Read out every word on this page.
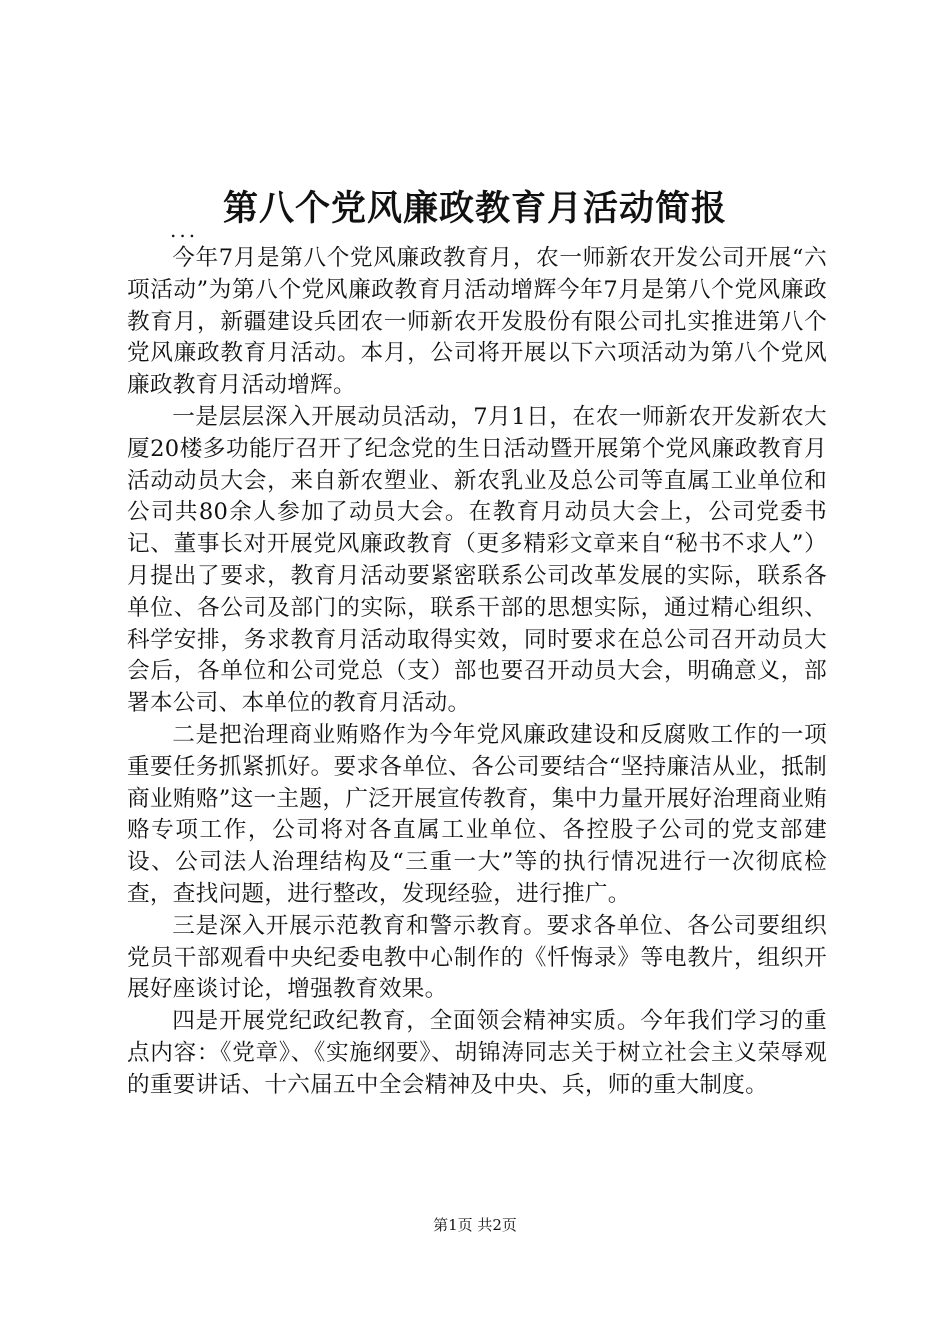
第八个党风廉政教育月活动简报
...

今年7月是第八个党风廉政教育月，农一师新农开发公司开展“六项活动”为第八个党风廉政教育月活动增辉今年7月是第八个党风廉政教育月，新疆建设兵团农一师新农开发股份有限公司扎实推进第八个党风廉政教育月活动。本月，公司将开展以下六项活动为第八个党风廉政教育月活动增辉。

一是层层深入开展动员活动，7月1日，在农一师新农开发新农大厦20楼多功能厅召开了纪念党的生日活动暨开展第个党风廉政教育月活动动员大会，来自新农塑业、新农乳业及总公司等直属工业单位和公司共80余人参加了动员大会。在教育月动员大会上，公司党委书记、董事长对开展党风廉政教育（更多精彩文章来自“秘书不求人”）月提出了要求，教育月活动要紧密联系公司改革发展的实际，联系各单位、各公司及部门的实际，联系干部的思想实际，通过精心组织、科学安排，务求教育月活动取得实效，同时要求在总公司召开动员大会后，各单位和公司党总（支）部也要召开动员大会，明确意义，部署本公司、本单位的教育月活动。

二是把治理商业贿赂作为今年党风廉政建设和反腐败工作的一项重要任务抓紧抓好。要求各单位、各公司要结合“坚持廉洁从业，抵制商业贿赂”这一主题，广泛开展宣传教育，集中力量开展好治理商业贿赂专项工作，公司将对各直属工业单位、各控股子公司的党支部建设、公司法人治理结构及“三重一大”等的执行情况进行一次彻底检查，查找问题，进行整改，发现经验，进行推广。

三是深入开展示范教育和警示教育。要求各单位、各公司要组织党员干部观看中央纪委电教中心制作的《忏悔录》等电教片，组织开展好座谈讨论，增强教育效果。

四是开展党纪政纪教育，全面领会精神实质。今年我们学习的重点内容：《党章》、《实施纲要》、胡锦涛同志关于树立社会主义荣辱观的重要讲话、十六届五中全会精神及中央、兵，师的重大制度。

第1页 共2页
